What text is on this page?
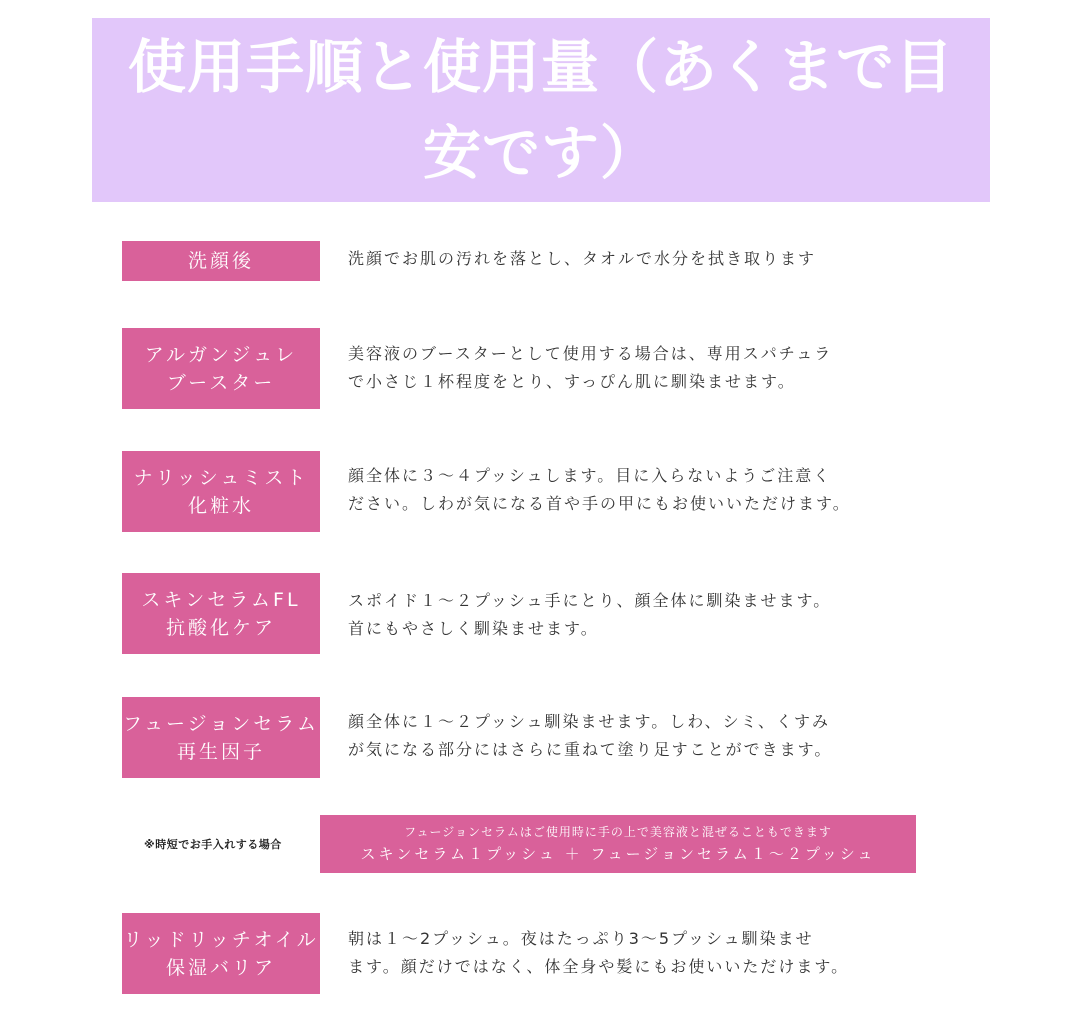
使用手順と使用量（あくまで目
安です）
洗顔後	洗顔でお肌の汚れを落とし、タオルで水分を拭き取ります
アルガンジュレ
ブースター
美容液のブースターとして使用する場合は、専用スパチュラ
で小さじ１杯程度をとり、すっぴん肌に馴染ませます。
ナリッシュミスト
化粧水
顔全体に３～４プッシュします。目に入らないようご注意く
ださい。しわが気になる首や手の甲にもお使いいただけます。
スキンセラムFL
抗酸化ケア
スポイド１～２プッシュ手にとり、顔全体に馴染ませます。
首にもやさしく馴染ませます。
フュージョンセラム
再生因子
顔全体に１～２プッシュ馴染ませます。しわ、シミ、くすみ
が気になる部分にはさらに重ねて塗り足すことができます。
※時短でお手入れする場合
フュージョンセラムはご使用時に手の上で美容液と混ぜることもできます
スキンセラム１プッシュ ＋ フュージョンセラム１～２プッシュ
リッドリッチオイル
保湿バリア
朝は１～2プッシュ。夜はたっぷり3～5プッシュ馴染ませ
ます。顔だけではなく、体全身や髪にもお使いいただけます。
